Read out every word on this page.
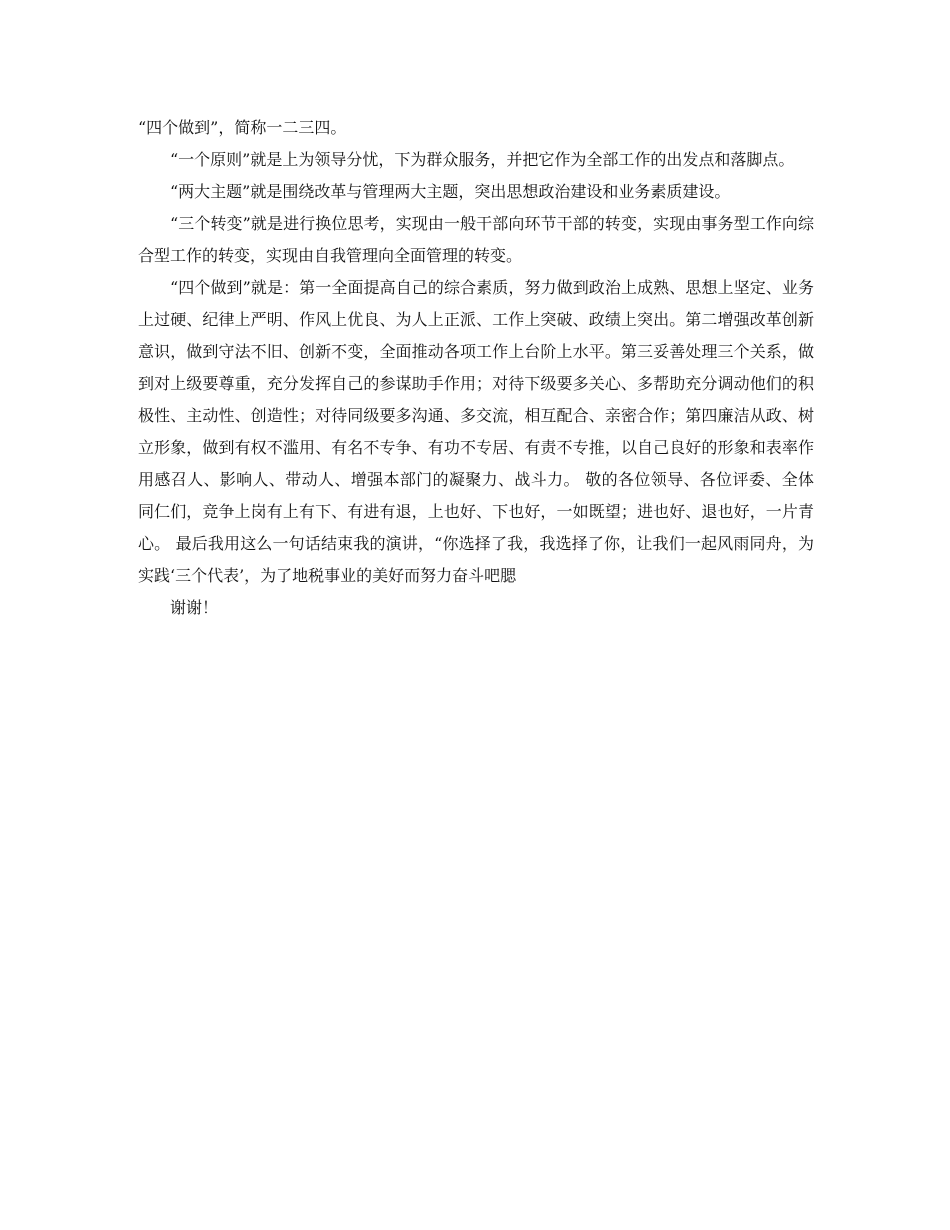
“四个做到”，简称一二三四。

“一个原则”就是上为领导分忧，下为群众服务，并把它作为全部工作的出发点和落脚点。

“两大主题”就是围绕改革与管理两大主题，突出思想政治建设和业务素质建设。

“三个转变”就是进行换位思考，实现由一般干部向环节干部的转变，实现由事务型工作向综合型工作的转变，实现由自我管理向全面管理的转变。

“四个做到”就是：第一全面提高自己的综合素质，努力做到政治上成熟、思想上坚定、业务上过硬、纪律上严明、作风上优良、为人上正派、工作上突破、政绩上突出。第二增强改革创新意识，做到守法不旧、创新不变，全面推动各项工作上台阶上水平。第三妥善处理三个关系，做到对上级要尊重，充分发挥自己的参谋助手作用；对待下级要多关心、多帮助充分调动他们的积极性、主动性、创造性；对待同级要多沟通、多交流，相互配合、亲密合作；第四廉洁从政、树立形象，做到有权不滥用、有名不专争、有功不专居、有责不专推，以自己良好的形象和表率作用感召人、影响人、带动人、增强本部门的凝聚力、战斗力。 敬的各位领导、各位评委、全体同仁们，竞争上岗有上有下、有进有退，上也好、下也好，一如既望；进也好、退也好，一片青心。 最后我用这么一句话结束我的演讲，“你选择了我，我选择了你，让我们一起风雨同舟，为实践‘三个代表’，为了地税事业的美好而努力奋斗吧腮

谢谢！
